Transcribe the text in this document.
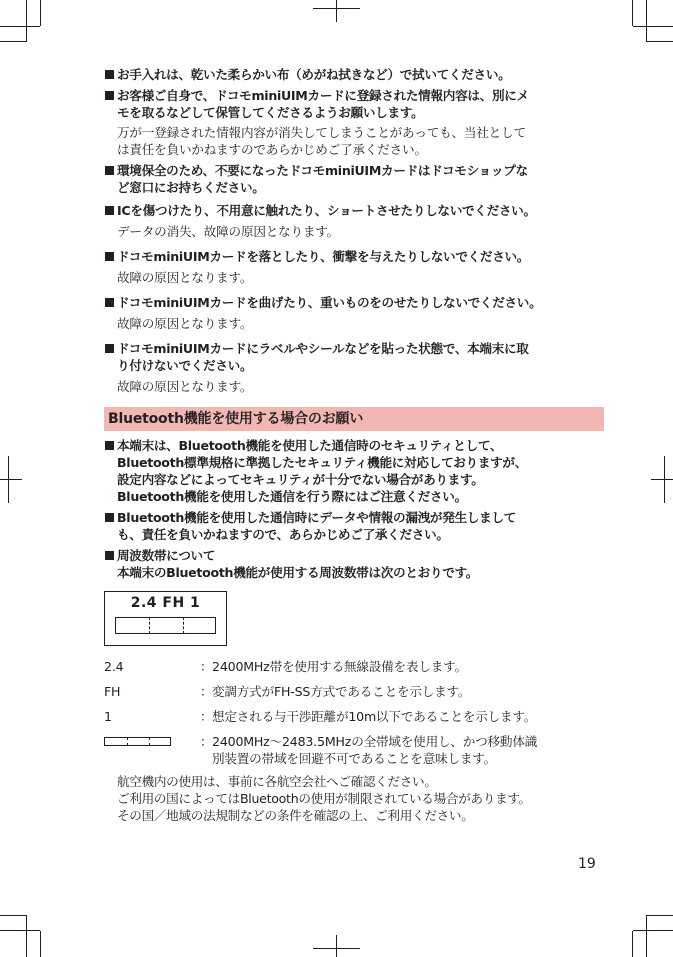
お手入れは、乾いた柔らかい布（めがね拭きなど）で拭いてください。
お客様ご自身で、ドコモminiUIMカードに登録された情報内容は、別にメ
モを取るなどして保管してくださるようお願いします。
万が一登録された情報内容が消失してしまうことがあっても、当社として
は責任を負いかねますのであらかじめご了承ください。
環境保全のため、不要になったドコモminiUIMカードはドコモショップな
ど窓口にお持ちください。
ICを傷つけたり、不用意に触れたり、ショートさせたりしないでください。
データの消失、故障の原因となります。
ドコモminiUIMカードを落としたり、衝撃を与えたりしないでください。
故障の原因となります。
ドコモminiUIMカードを曲げたり、重いものをのせたりしないでください。
故障の原因となります。
ドコモminiUIMカードにラベルやシールなどを貼った状態で、本端末に取
り付けないでください。
故障の原因となります。
Bluetooth機能を使用する場合のお願い
本端末は、Bluetooth機能を使用した通信時のセキュリティとして、
Bluetooth標準規格に準拠したセキュリティ機能に対応しておりますが、
設定内容などによってセキュリティが十分でない場合があります。
Bluetooth機能を使用した通信を行う際にはご注意ください。
Bluetooth機能を使用した通信時にデータや情報の漏洩が発生しまして
も、責任を負いかねますので、あらかじめご了承ください。
周波数帯について
本端末のBluetooth機能が使用する周波数帯は次のとおりです。
2.4 FH 1
2.4	： 2400MHz帯を使用する無線設備を表します。
FH	： 変調方式がFH-SS方式であることを示します。
1	： 想定される与干渉距離が10m以下であることを示します。
： 2400MHz～2483.5MHzの全帯域を使用し、かつ移動体識
別装置の帯域を回避不可であることを意味します。
航空機内の使用は、事前に各航空会社へご確認ください。
ご利用の国によってはBluetoothの使用が制限されている場合があります。
その国／地域の法規制などの条件を確認の上、ご利用ください。
19
